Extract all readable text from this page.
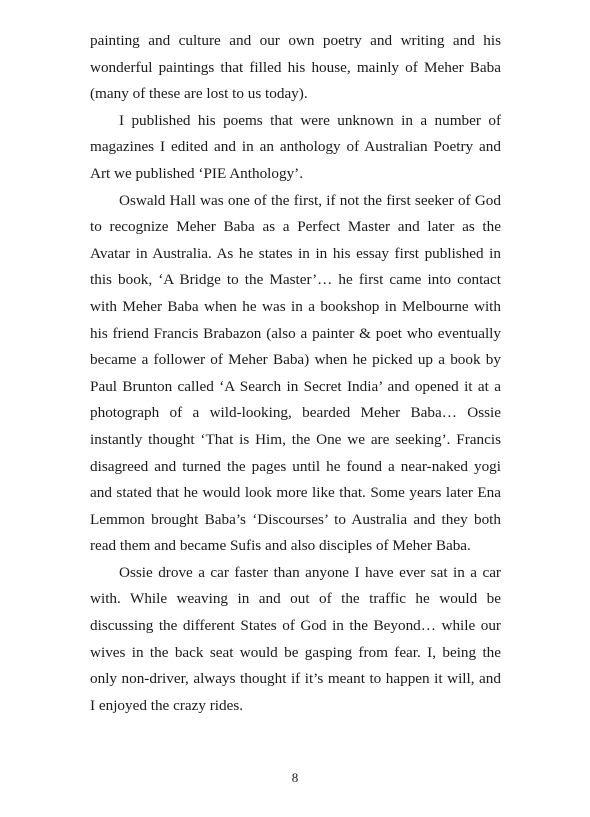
painting and culture and our own poetry and writing and his wonderful paintings that filled his house, mainly of Meher Baba (many of these are lost to us today).

I published his poems that were unknown in a number of magazines I edited and in an anthology of Australian Poetry and Art we published ‘PIE Anthology’.

Oswald Hall was one of the first, if not the first seeker of God to recognize Meher Baba as a Perfect Master and later as the Avatar in Australia. As he states in in his essay first published in this book, ‘A Bridge to the Master’… he first came into contact with Meher Baba when he was in a bookshop in Melbourne with his friend Francis Brabazon (also a painter & poet who eventually became a follower of Meher Baba) when he picked up a book by Paul Brunton called ‘A Search in Secret India’ and opened it at a photograph of a wild-looking, bearded Meher Baba… Ossie instantly thought ‘That is Him, the One we are seeking’. Francis disagreed and turned the pages until he found a near-naked yogi and stated that he would look more like that. Some years later Ena Lemmon brought Baba’s ‘Discourses’ to Australia and they both read them and became Sufis and also disciples of Meher Baba.

Ossie drove a car faster than anyone I have ever sat in a car with. While weaving in and out of the traffic he would be discussing the different States of God in the Beyond… while our wives in the back seat would be gasping from fear. I, being the only non-driver, always thought if it’s meant to happen it will, and I enjoyed the crazy rides.

8
